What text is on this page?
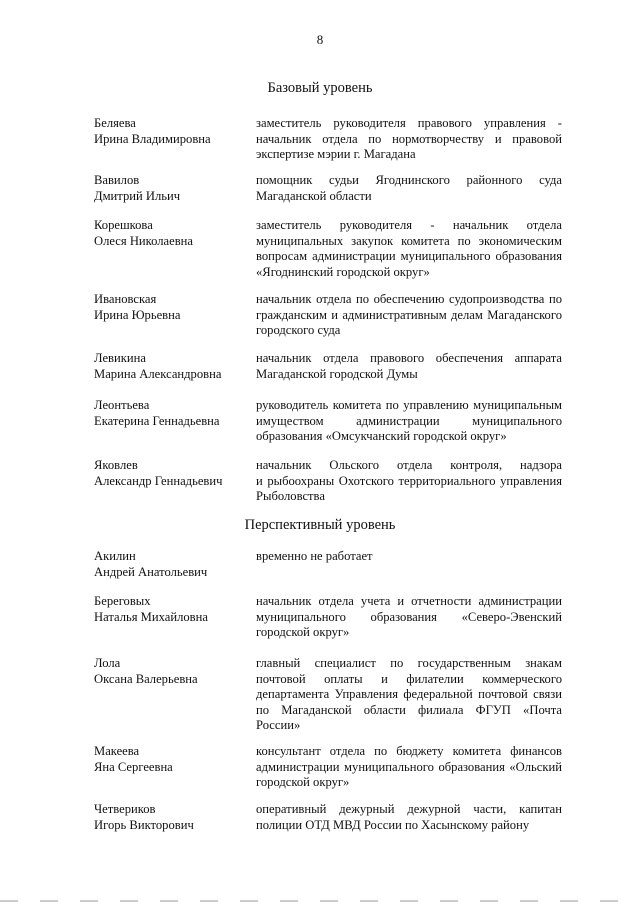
8
Базовый уровень
Беляева
Ирина Владимировна
заместитель руководителя правового управления -
начальник отдела по нормотворчеству и правовой
экспертизе мэрии г. Магадана
Вавилов
Дмитрий Ильич
помощник судьи Ягоднинского районного суда
Магаданской области
Корешкова
Олеся Николаевна
заместитель руководителя - начальник отдела
муниципальных закупок комитета по экономическим
вопросам администрации муниципального образования
«Ягоднинский городской округ»
Ивановская
Ирина Юрьевна
начальник отдела по обеспечению судопроизводства по
гражданским и административным делам Магаданского
городского суда
Левикина
Марина Александровна
начальник отдела правового обеспечения аппарата
Магаданской городской Думы
Леонтьева
Екатерина Геннадьевна
руководитель комитета по управлению муниципальным
имуществом администрации муниципального
образования «Омсукчанский городской округ»
Яковлев
Александр Геннадьевич
начальник Ольского отдела контроля, надзора
и рыбоохраны Охотского территориального управления
Рыболовства
Перспективный уровень
Акилин
Андрей Анатольевич
временно не работает
Береговых
Наталья Михайловна
начальник отдела учета и отчетности администрации
муниципального образования «Северо-Эвенский
городской округ»
Лола
Оксана Валерьевна
главный специалист по государственным знакам
почтовой оплаты и филателии коммерческого
департамента Управления федеральной почтовой связи
по Магаданской области филиала ФГУП «Почта
России»
Макеева
Яна Сергеевна
консультант отдела по бюджету комитета финансов
администрации муниципального образования «Ольский
городской округ»
Четвериков
Игорь Викторович
оперативный дежурный дежурной части, капитан
полиции ОТД МВД России по Хасынскому району
